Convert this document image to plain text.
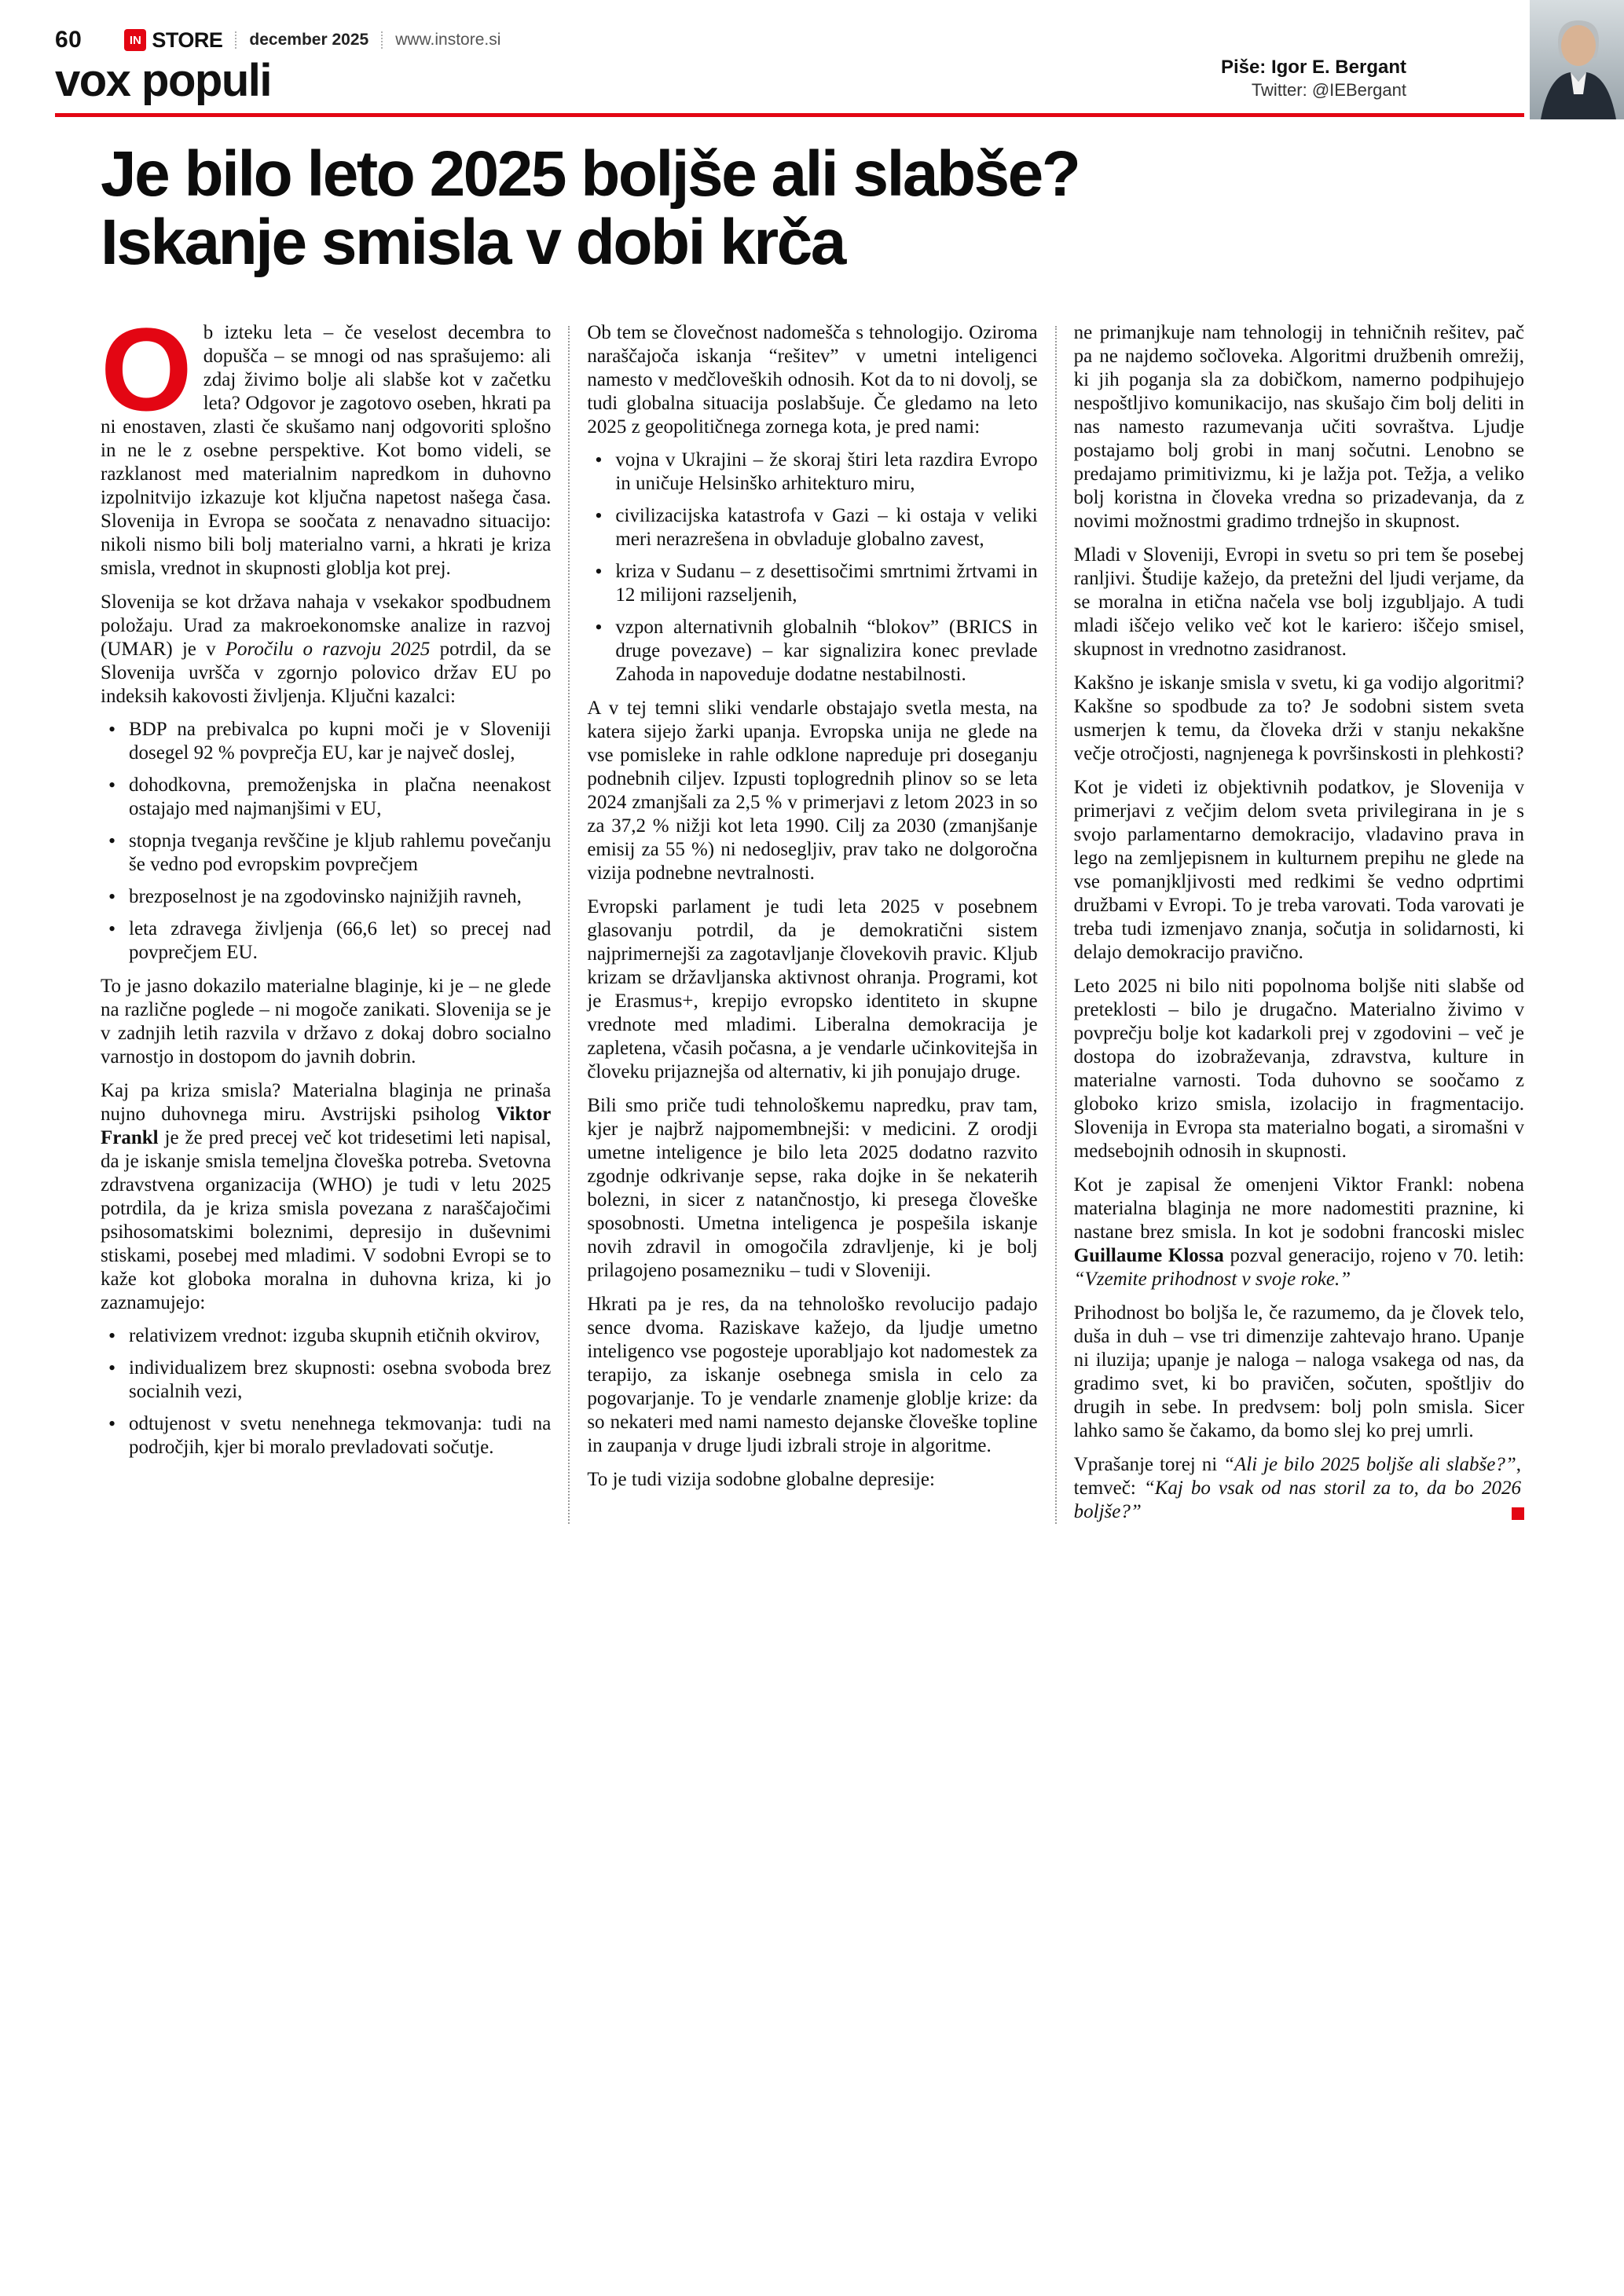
60	IN STORE december 2025 www.instore.si
vox populi	Piše: Igor E. Bergant
Twitter: @IEBergant
Je bilo leto 2025 boljše ali slabše?
Iskanje smisla v dobi krča

Ob izteku leta – če veselost decembra to dopušča – se mnogi od nas sprašujemo: ali zdaj živimo bolje ali slabše kot v začetku leta? Odgovor je zagotovo oseben, hkrati pa ni enostaven, zlasti če skušamo nanj odgovoriti splošno in ne le z osebne perspektive. Kot bomo videli, se razklanost med materialnim napredkom in duhovno izpolnitvijo izkazuje kot ključna napetost našega časa. Slovenija in Evropa se soočata z nenavadno situacijo: nikoli nismo bili bolj materialno varni, a hkrati je kriza smisla, vrednot in skupnosti globlja kot prej.

Slovenija se kot država nahaja v vsekakor spodbudnem položaju. Urad za makroekonomske analize in razvoj (UMAR) je v Poročilu o razvoju 2025 potrdil, da se Slovenija uvršča v zgornjo polovico držav EU po indeksih kakovosti življenja. Ključni kazalci:

• BDP na prebivalca po kupni moči je v Sloveniji dosegel 92 % povprečja EU, kar je največ doslej,
• dohodkovna, premoženjska in plačna neenakost ostajajo med najmanjšimi v EU,
• stopnja tveganja revščine je kljub rahlemu povečanju še vedno pod evropskim povprečjem
• brezposelnost je na zgodovinsko najnižjih ravneh,
• leta zdravega življenja (66,6 let) so precej nad povprečjem EU.

To je jasno dokazilo materialne blaginje, ki je – ne glede na različne poglede – ni mogoče zanikati. Slovenija se je v zadnjih letih razvila v državo z dokaj dobro socialno varnostjo in dostopom do javnih dobrin.

Kaj pa kriza smisla? Materialna blaginja ne prinaša nujno duhovnega miru. Avstrijski psiholog Viktor Frankl je že pred precej več kot tridesetimi leti napisal, da je iskanje smisla temeljna človeška potreba. Svetovna zdravstvena organizacija (WHO) je tudi v letu 2025 potrdila, da je kriza smisla povezana z naraščajočimi psihosomatskimi boleznimi, depresijo in duševnimi stiskami, posebej med mladimi. V sodobni Evropi se to kaže kot globoka moralna in duhovna kriza, ki jo zaznamujejo:

• relativizem vrednot: izguba skupnih etičnih okvirov,
• individualizem brez skupnosti: osebna svoboda brez socialnih vezi,
• odtujenost v svetu nenehnega tekmovanja: tudi na področjih, kjer bi moralo prevladovati sočutje.

Ob tem se človečnost nadomešča s tehnologijo. Oziroma naraščajoča iskanja “rešitev” v umetni inteligenci namesto v medčloveških odnosih. Kot da to ni dovolj, se tudi globalna situacija poslabšuje. Če gledamo na leto 2025 z geopolitičnega zornega kota, je pred nami:

• vojna v Ukrajini – že skoraj štiri leta razdira Evropo in uničuje Helsinško arhitekturo miru,
• civilizacijska katastrofa v Gazi – ki ostaja v veliki meri nerazrešena in obvladuje globalno zavest,
• kriza v Sudanu – z desettisočimi smrtnimi žrtvami in 12 milijoni razseljenih,
• vzpon alternativnih globalnih “blokov” (BRICS in druge povezave) – kar signalizira konec prevlade Zahoda in napoveduje dodatne nestabilnosti.

A v tej temni sliki vendarle obstajajo svetla mesta, na katera sijejo žarki upanja. Evropska unija ne glede na vse pomisleke in rahle odklone napreduje pri doseganju podnebnih ciljev. Izpusti toplogrednih plinov so se leta 2024 zmanjšali za 2,5 % v primerjavi z letom 2023 in so za 37,2 % nižji kot leta 1990. Cilj za 2030 (zmanjšanje emisij za 55 %) ni nedosegljiv, prav tako ne dolgoročna vizija podnebne nevtralnosti.

Evropski parlament je tudi leta 2025 v posebnem glasovanju potrdil, da je demokratični sistem najprimernejši za zagotavljanje človekovih pravic. Kljub krizam se državljanska aktivnost ohranja. Programi, kot je Erasmus+, krepijo evropsko identiteto in skupne vrednote med mladimi. Liberalna demokracija je zapletena, včasih počasna, a je vendarle učinkovitejša in človeku prijaznejša od alternativ, ki jih ponujajo druge.

Bili smo priče tudi tehnološkemu napredku, prav tam, kjer je najbrž najpomembnejši: v medicini. Z orodji umetne inteligence je bilo leta 2025 dodatno razvito zgodnje odkrivanje sepse, raka dojke in še nekaterih bolezni, in sicer z natančnostjo, ki presega človeške sposobnosti. Umetna inteligenca je pospešila iskanje novih zdravil in omogočila zdravljenje, ki je bolj prilagojeno posamezniku – tudi v Sloveniji.

Hkrati pa je res, da na tehnološko revolucijo padajo sence dvoma. Raziskave kažejo, da ljudje umetno inteligenco vse pogosteje uporabljajo kot nadomestek za terapijo, za iskanje osebnega smisla in celo za pogovarjanje. To je vendarle znamenje globlje krize: da so nekateri med nami namesto dejanske človeške topline in zaupanja v druge ljudi izbrali stroje in algoritme.

To je tudi vizija sodobne globalne depresije:

ne primanjkuje nam tehnologij in tehničnih rešitev, pač pa ne najdemo sočloveka. Algoritmi družbenih omrežij, ki jih poganja sla za dobičkom, namerno podpihujejo nespoštljivo komunikacijo, nas skušajo čim bolj deliti in nas namesto razumevanja učiti sovraštva. Ljudje postajamo bolj grobi in manj sočutni. Lenobno se predajamo primitivizmu, ki je lažja pot. Težja, a veliko bolj koristna in človeka vredna so prizadevanja, da z novimi možnostmi gradimo trdnejšo in skupnost.

Mladi v Sloveniji, Evropi in svetu so pri tem še posebej ranljivi. Študije kažejo, da pretežni del ljudi verjame, da se moralna in etična načela vse bolj izgubljajo. A tudi mladi iščejo veliko več kot le kariero: iščejo smisel, skupnost in vrednotno zasidranost.

Kakšno je iskanje smisla v svetu, ki ga vodijo algoritmi? Kakšne so spodbude za to? Je sodobni sistem sveta usmerjen k temu, da človeka drži v stanju nekakšne večje otročjosti, nagnjenega k površinskosti in plehkosti?

Kot je videti iz objektivnih podatkov, je Slovenija v primerjavi z večjim delom sveta privilegirana in je s svojo parlamentarno demokracijo, vladavino prava in lego na zemljepisnem in kulturnem prepihu ne glede na vse pomanjkljivosti med redkimi še vedno odprtimi družbami v Evropi. To je treba varovati. Toda varovati je treba tudi izmenjavo znanja, sočutja in solidarnosti, ki delajo demokracijo pravično.

Leto 2025 ni bilo niti popolnoma boljše niti slabše od preteklosti – bilo je drugačno. Materialno živimo v povprečju bolje kot kadarkoli prej v zgodovini – več je dostopa do izobraževanja, zdravstva, kulture in materialne varnosti. Toda duhovno se soočamo z globoko krizo smisla, izolacijo in fragmentacijo. Slovenija in Evropa sta materialno bogati, a siromašni v medsebojnih odnosih in skupnosti.

Kot je zapisal že omenjeni Viktor Frankl: nobena materialna blaginja ne more nadomestiti praznine, ki nastane brez smisla. In kot je sodobni francoski mislec Guillaume Klossa pozval generacijo, rojeno v 70. letih: “Vzemite prihodnost v svoje roke.”

Prihodnost bo boljša le, če razumemo, da je človek telo, duša in duh – vse tri dimenzije zahtevajo hrano. Upanje ni iluzija; upanje je naloga – naloga vsakega od nas, da gradimo svet, ki bo pravičen, sočuten, spoštljiv do drugih in sebe. In predvsem: bolj poln smisla. Sicer lahko samo še čakamo, da bomo slej ko prej umrli.

Vprašanje torej ni “Ali je bilo 2025 boljše ali slabše?”, temveč: “Kaj bo vsak od nas storil za to, da bo 2026 boljše?”
